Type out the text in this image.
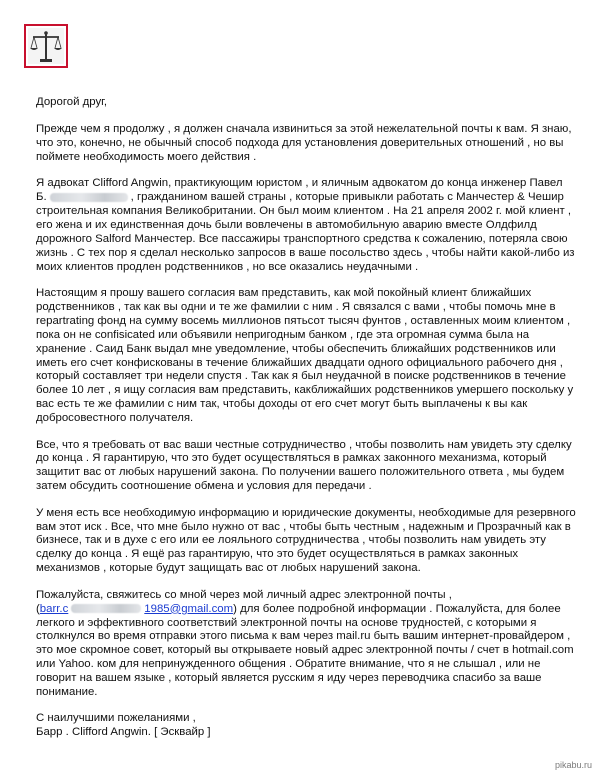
Дорогой друг,

Прежде чем я продолжу , я должен сначала извиниться за этой нежелательной почты к вам. Я знаю, что это, конечно, не обычный способ подхода для установления доверительных отношений , но вы поймете необходимость моего действия .

Я адвокат Clifford Angwin, практикующим юристом , и яличным адвокатом до конца инженер Павел Б.	, гражданином вашей страны , которые привыкли работать с Манчестер & Чешир строительная компания Великобритании. Он был моим клиентом . На 21 апреля 2002 г. мой клиент , его жена и их единственная дочь были вовлечены в автомобильную аварию вместе Олдфилд дорожного Salford Манчестер. Все пассажиры транспортного средства к сожалению, потеряла свою жизнь . С тех пор я сделал несколько запросов в ваше посольство здесь , чтобы найти какой-либо из моих клиентов продлен родственников , но все оказались неудачными .

Настоящим я прошу вашего согласия вам представить, как мой покойный клиент ближайших родственников , так как вы одни и те же фамилии с ним . Я связался с вами , чтобы помочь мне в repartrating фонд на сумму восемь миллионов пятьсот тысяч фунтов , оставленных моим клиентом , пока он не confisicated или объявили непригодным банком , где эта огромная сумма была на хранение . Саид Банк выдал мне уведомление, чтобы обеспечить ближайших родственников или иметь его счет конфискованы в течение ближайших двадцати одного официального рабочего дня , который составляет три недели спустя . Так как я был неудачной в поиске родственников в течение более 10 лет , я ищу согласия вам представить, какближайших родственников умершего поскольку у вас есть те же фамилии с ним так, чтобы доходы от его счет могут быть выплачены к вы как добросовестного получателя.

Все, что я требовать от вас ваши честные сотрудничество , чтобы позволить нам увидеть эту сделку до конца . Я гарантирую, что это будет осуществляться в рамках законного механизма, который защитит вас от любых нарушений закона. По получении вашего положительного ответа , мы будем затем обсудить соотношение обмена и условия для передачи .

У меня есть все необходимую информацию и юридические документы, необходимые для резервного вам этот иск . Все, что мне было нужно от вас , чтобы быть честным , надежным и Прозрачный как в бизнесе, так и в духе с его или ее лояльного сотрудничества , чтобы позволить нам увидеть эту сделку до конца . Я ещё раз гарантирую, что это будет осуществляться в рамках законных механизмов , которые будут защищать вас от любых нарушений закона.

Пожалуйста, свяжитесь со мной через мой личный адрес электронной почты ,
(barr.c	1985@gmail.com) для более подробной информации . Пожалуйста, для более легкого и эффективного соответствий электронной почты на основе трудностей, с которыми я столкнулся во время отправки этого письма к вам через mail.ru быть вашим интернет-провайдером , это мое скромное совет, который вы открываете новый адрес электронной почты / счет в hotmail.com или Yahoo. ком для непринужденного общения . Обратите внимание, что я не слышал , или не говорит на вашем языке , который является русским я иду через переводчика спасибо за ваше понимание.

С наилучшими пожеланиями ,

Барр . Clifford Angwin. [ Эсквайр ]

pikabu.ru
